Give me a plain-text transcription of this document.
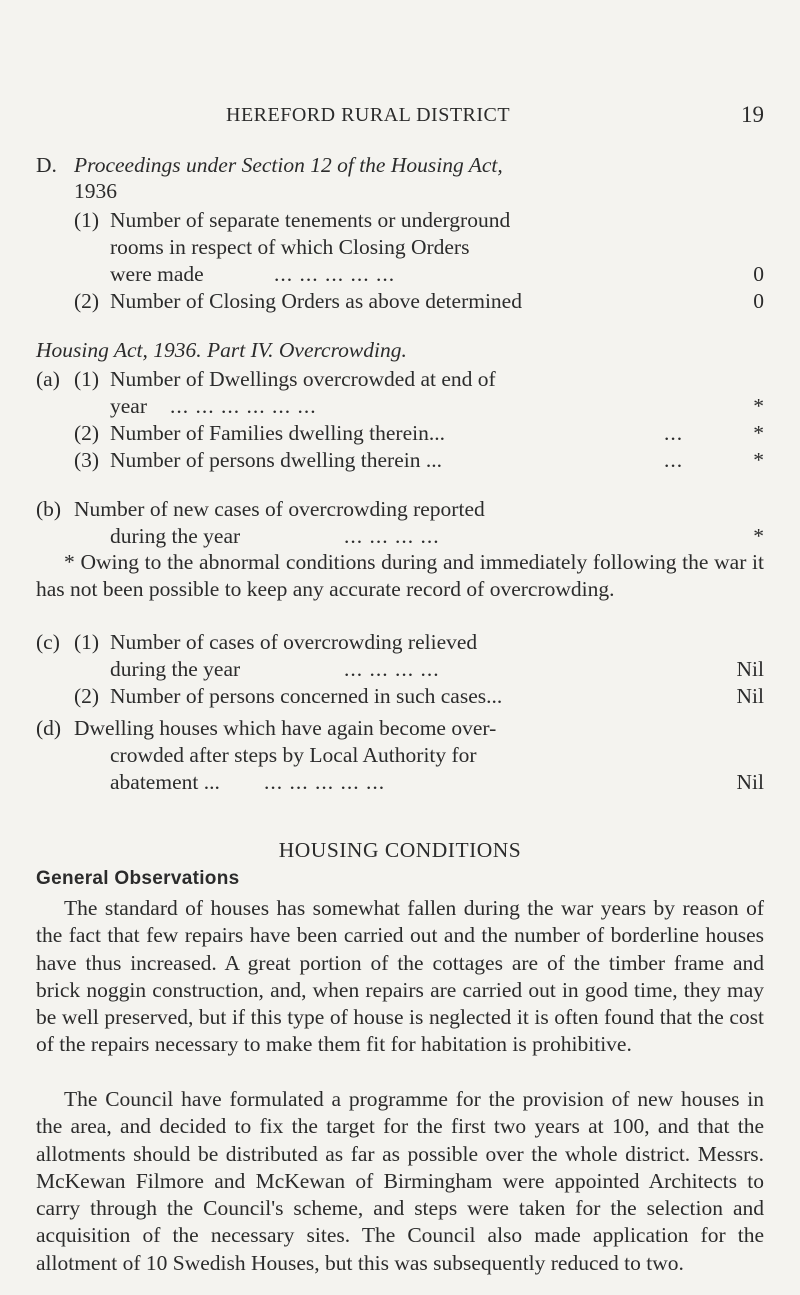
HEREFORD RURAL DISTRICT	19
D. Proceedings under Section 12 of the Housing Act,
1936
(1) Number of separate tenements or underground
rooms in respect of which Closing Orders
were made	... ... ... ... ...	0
(2) Number of Closing Orders as above determined	0
Housing Act, 1936. Part IV. Overcrowding.
(a) (1) Number of Dwellings overcrowded at end of
year ... ... ... ... ... ...	*
(2) Number of Families dwelling therein...	...	*
(3) Number of persons dwelling therein ...	...	*
(b) Number of new cases of overcrowding reported
during the year	... ... ... ...	*
* Owing to the abnormal conditions during and immediately following the war it has not been possible to keep any accurate record of overcrowding.
(c) (1) Number of cases of overcrowding relieved
during the year	... ... ... ...	Nil
(2) Number of persons concerned in such cases...	Nil
(d) Dwelling houses which have again become over-
crowded after steps by Local Authority for
abatement ... ... ... ... ... ...	Nil
HOUSING CONDITIONS
General Observations
The standard of houses has somewhat fallen during the war years by reason of the fact that few repairs have been carried out and the number of borderline houses have thus increased. A great portion of the cottages are of the timber frame and brick noggin construction, and, when repairs are carried out in good time, they may be well preserved, but if this type of house is neglected it is often found that the cost of the repairs necessary to make them fit for habitation is prohibitive.
The Council have formulated a programme for the provision of new houses in the area, and decided to fix the target for the first two years at 100, and that the allotments should be distributed as far as possible over the whole district. Messrs. McKewan Filmore and McKewan of Birmingham were appointed Architects to carry through the Council's scheme, and steps were taken for the selection and acquisition of the necessary sites. The Council also made application for the allotment of 10 Swedish Houses, but this was subsequently reduced to two.
